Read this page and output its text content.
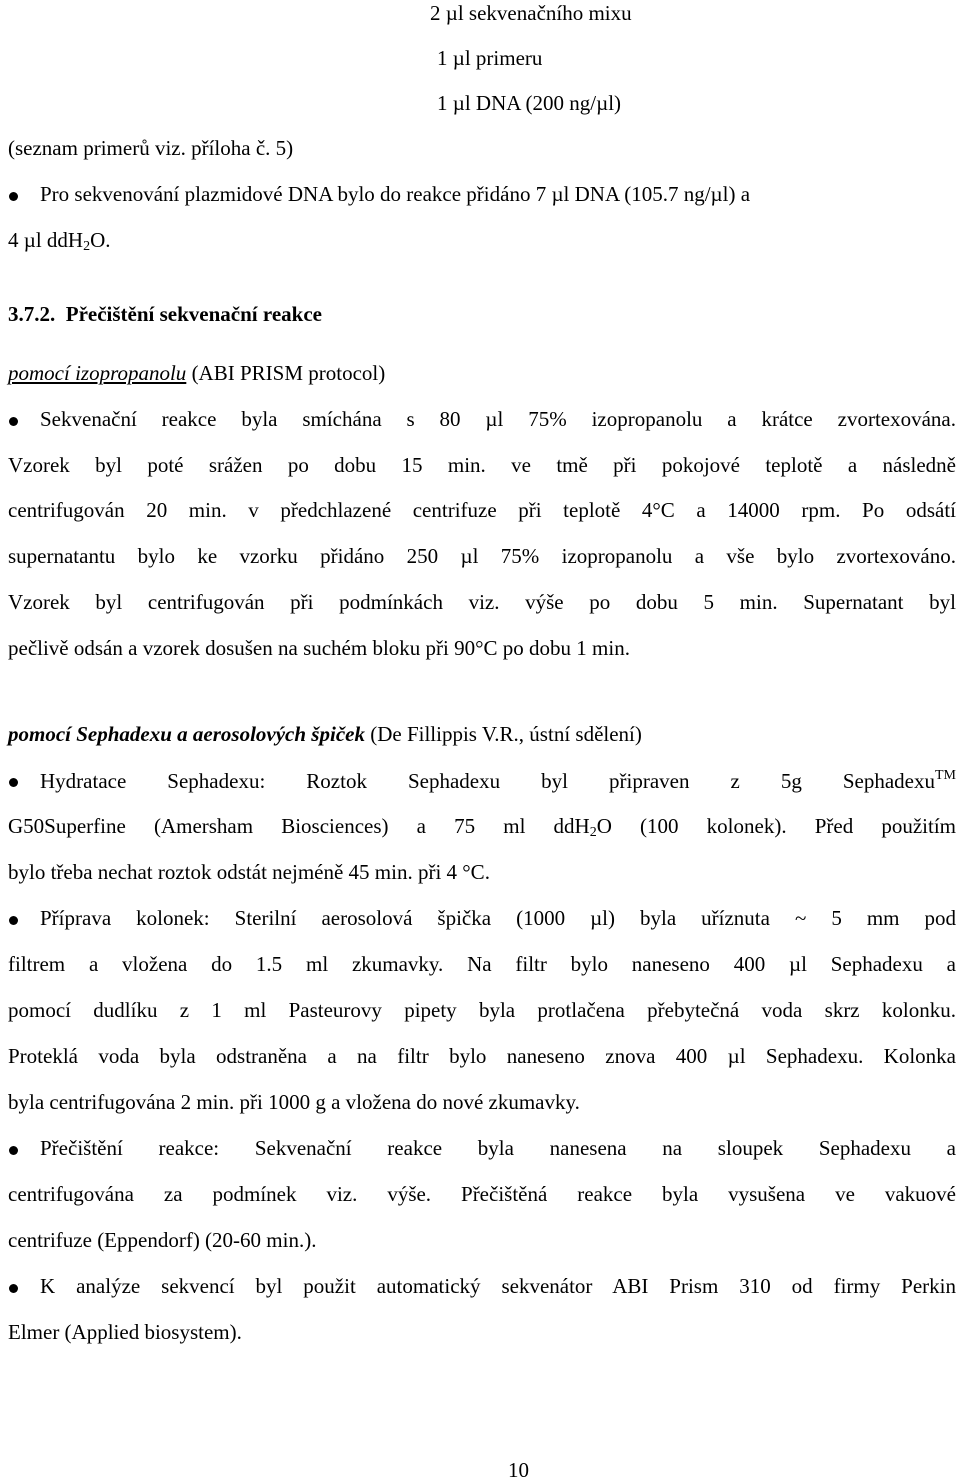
2 µl sekvenačního mixu
1 µl primeru
1 µl DNA (200 ng/µl)
(seznam primerů viz. příloha č. 5)
Pro sekvenování plazmidové DNA bylo do reakce přidáno 7 µl DNA (105.7 ng/µl) a
4 µl ddH$_2$O.
3.7.2. Přečištění sekvenační reakce
pomocí izopropanolu (ABI PRISM protocol)
Sekvenační reakce byla smíchána s 80 µl 75% izopropanolu a krátce zvortexována.
Vzorek byl poté srážen po dobu 15 min. ve tmě při pokojové teplotě a následně
centrifugován 20 min. v předchlazené centrifuze při teplotě 4°C a 14000 rpm. Po odsátí
supernatantu bylo ke vzorku přidáno 250 µl 75% izopropanolu a vše bylo zvortexováno.
Vzorek byl centrifugován při podmínkách viz. výše po dobu 5 min. Supernatant byl
pečlivě odsán a vzorek dosušen na suchém bloku při 90°C po dobu 1 min.
pomocí Sephadexu a aerosolových špiček (De Fillippis V.R., ústní sdělení)
Hydratace Sephadexu: Roztok Sephadexu byl připraven z 5g Sephadexu™
G50Superfine (Amersham Biosciences) a 75 ml ddH$_2$O (100 kolonek). Před použitím
bylo třeba nechat roztok odstát nejméně 45 min. při 4 °C.
Příprava kolonek: Sterilní aerosolová špička (1000 µl) byla uříznuta ~ 5 mm pod
filtrem a vložena do 1.5 ml zkumavky. Na filtr bylo naneseno 400 µl Sephadexu a
pomocí dudlíku z 1 ml Pasteurovy pipety byla protlačena přebytečná voda skrz kolonku.
Proteklá voda byla odstraněna a na filtr bylo naneseno znova 400 µl Sephadexu. Kolonka
byla centrifugována 2 min. při 1000 g a vložena do nové zkumavky.
Přečištění reakce: Sekvenační reakce byla nanesena na sloupek Sephadexu a
centrifugována za podmínek viz. výše. Přečištěná reakce byla vysušena ve vakuové
centrifuze (Eppendorf) (20-60 min.).
K analýze sekvencí byl použit automatický sekvenátor ABI Prism 310 od firmy Perkin
Elmer (Applied biosystem).
10
